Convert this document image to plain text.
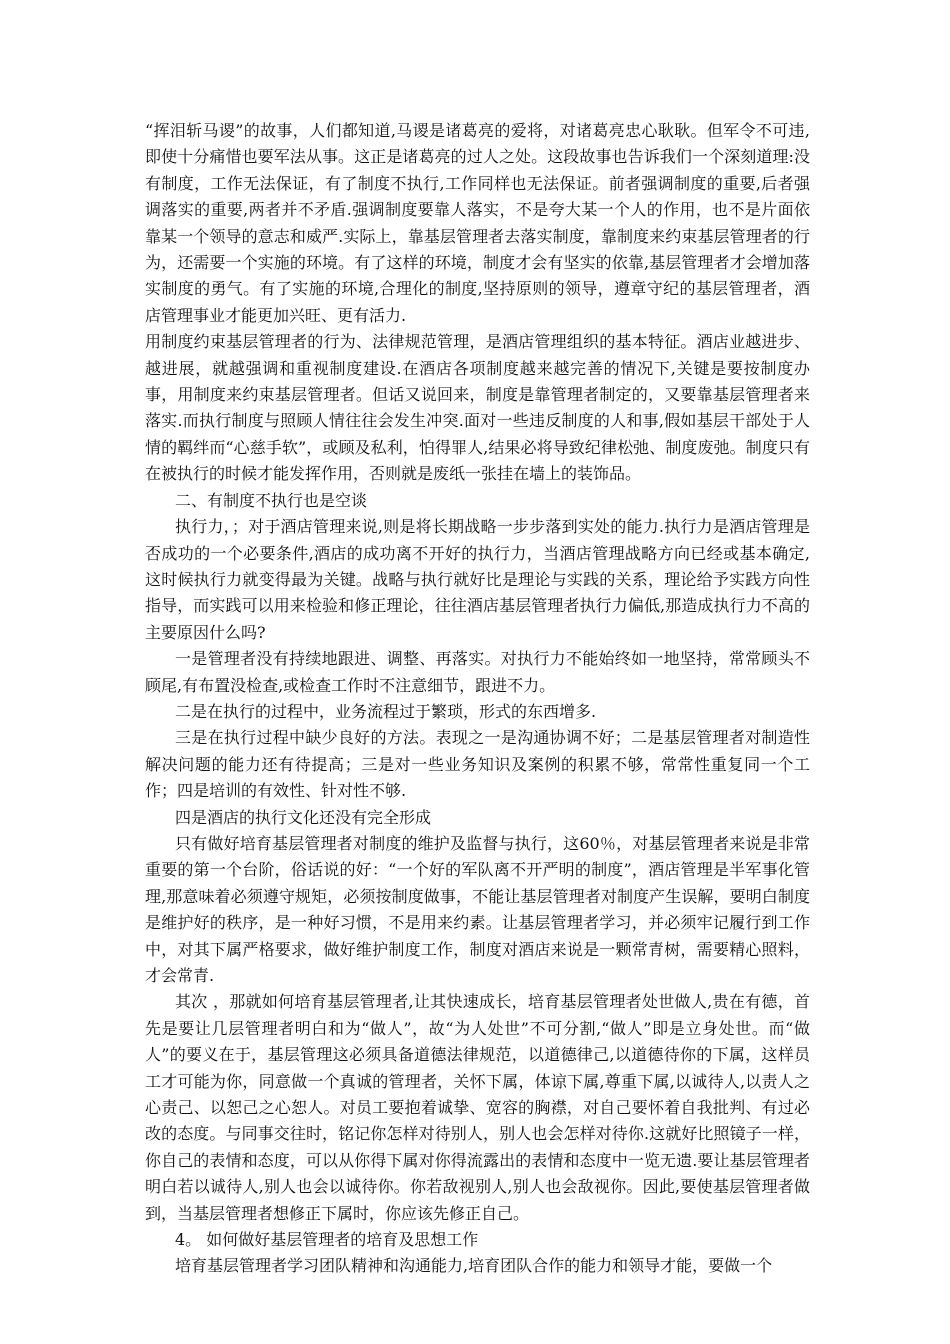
“挥泪斩马谡”的故事，人们都知道,马谡是诸葛亮的爱将，对诸葛亮忠心耿耿。但军令不可违,即使十分痛惜也要军法从事。这正是诸葛亮的过人之处。这段故事也告诉我们一个深刻道理:没有制度，工作无法保证，有了制度不执行,工作同样也无法保证。前者强调制度的重要,后者强调落实的重要,两者并不矛盾.强调制度要靠人落实，不是夸大某一个人的作用，也不是片面依靠某一个领导的意志和威严.实际上，靠基层管理者去落实制度，靠制度来约束基层管理者的行为，还需要一个实施的环境。有了这样的环境，制度才会有坚实的依靠,基层管理者才会增加落实制度的勇气。有了实施的环境,合理化的制度,坚持原则的领导，遵章守纪的基层管理者，酒店管理事业才能更加兴旺、更有活力.

用制度约束基层管理者的行为、法律规范管理，是酒店管理组织的基本特征。酒店业越进步、越进展，就越强调和重视制度建设.在酒店各项制度越来越完善的情况下,关键是要按制度办事，用制度来约束基层管理者。但话又说回来，制度是靠管理者制定的，又要靠基层管理者来落实.而执行制度与照顾人情往往会发生冲突.面对一些违反制度的人和事,假如基层干部处于人情的羁绊而“心慈手软”，或顾及私利，怕得罪人,结果必将导致纪律松弛、制度废弛。制度只有在被执行的时候才能发挥作用，否则就是废纸一张挂在墙上的装饰品。

二、有制度不执行也是空谈

执行力，；对于酒店管理来说,则是将长期战略一步步落到实处的能力.执行力是酒店管理是否成功的一个必要条件,酒店的成功离不开好的执行力，当酒店管理战略方向已经或基本确定,这时候执行力就变得最为关键。战略与执行就好比是理论与实践的关系，理论给予实践方向性指导，而实践可以用来检验和修正理论，往往酒店基层管理者执行力偏低,那造成执行力不高的主要原因什么吗?

一是管理者没有持续地跟进、调整、再落实。对执行力不能始终如一地坚持，常常顾头不顾尾,有布置没检查,或检查工作时不注意细节，跟进不力。

二是在执行的过程中，业务流程过于繁琐，形式的东西增多.

三是在执行过程中缺少良好的方法。表现之一是沟通协调不好；二是基层管理者对制造性解决问题的能力还有待提高；三是对一些业务知识及案例的积累不够，常常性重复同一个工作；四是培训的有效性、针对性不够.

四是酒店的执行文化还没有完全形成

只有做好培育基层管理者对制度的维护及监督与执行，这60％，对基层管理者来说是非常重要的第一个台阶，俗话说的好：“一个好的军队离不开严明的制度”，酒店管理是半军事化管理,那意味着必须遵守规矩，必须按制度做事，不能让基层管理者对制度产生误解，要明白制度是维护好的秩序，是一种好习惯，不是用来约素。让基层管理者学习，并必须牢记履行到工作中，对其下属严格要求，做好维护制度工作，制度对酒店来说是一颗常青树，需要精心照料，才会常青.

其次 ，那就如何培育基层管理者,让其快速成长，培育基层管理者处世做人,贵在有德，首先是要让几层管理者明白和为“做人”，故“为人处世”不可分割,“做人”即是立身处世。而“做人”的要义在于，基层管理这必须具备道德法律规范，以道德律己,以道德待你的下属，这样员工才可能为你，同意做一个真诚的管理者，关怀下属，体谅下属,尊重下属,以诚待人,以责人之心责己、以恕己之心恕人。对员工要抱着诚挚、宽容的胸襟，对自己要怀着自我批判、有过必改的态度。与同事交往时，铭记你怎样对待别人，别人也会怎样对待你.这就好比照镜子一样，你自己的表情和态度，可以从你得下属对你得流露出的表情和态度中一览无遗.要让基层管理者明白若以诚待人,别人也会以诚待你。你若敌视别人,别人也会敌视你。因此,要使基层管理者做到，当基层管理者想修正下属时，你应该先修正自己。

4。 如何做好基层管理者的培育及思想工作

培育基层管理者学习团队精神和沟通能力,培育团队合作的能力和领导才能，要做一个
